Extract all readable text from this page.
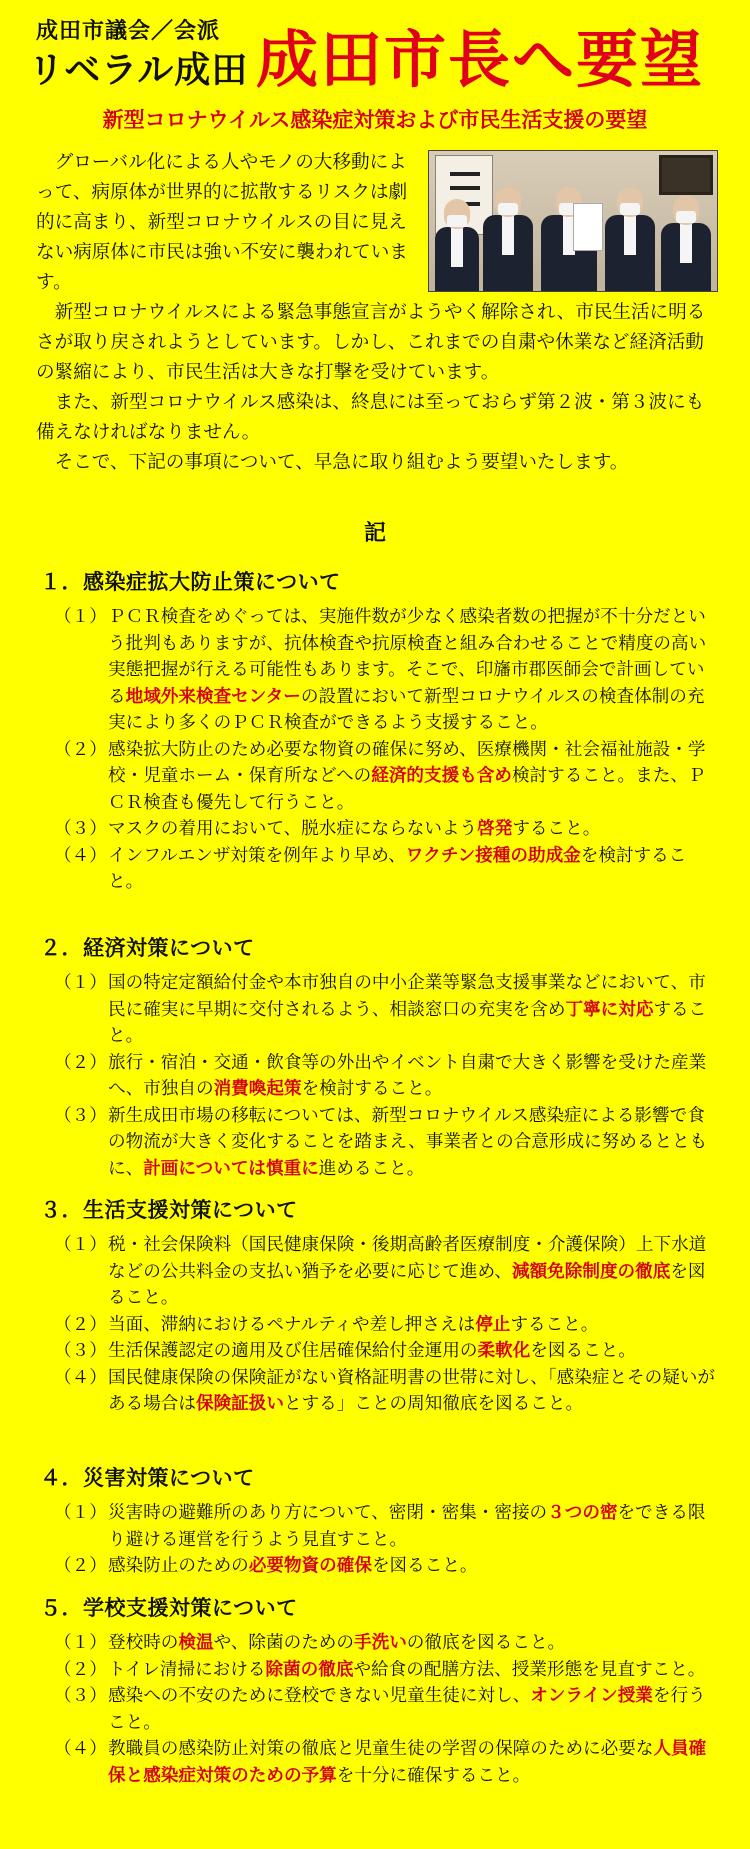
成田市議会／会派
リベラル成田 成田市長へ要望
新型コロナウイルス感染症対策および市民生活支援の要望

グローバル化による人やモノの大移動によって、病原体が世界的に拡散するリスクは劇的に高まり、新型コロナウイルスの目に見えない病原体に市民は強い不安に襲われています。

新型コロナウイルスによる緊急事態宣言がようやく解除され、市民生活に明るさが取り戻されようとしています。しかし、これまでの自粛や休業など経済活動の緊縮により、市民生活は大きな打撃を受けています。

また、新型コロナウイルス感染は、終息には至っておらず第２波・第３波にも備えなければなりません。

そこで、下記の事項について、早急に取り組むよう要望いたします。

記
１．感染症拡大防止策について
（１） ＰＣＲ検査をめぐっては、実施件数が少なく感染者数の把握が不十分だという批判もありますが、抗体検査や抗原検査と組み合わせることで精度の高い実態把握が行える可能性もあります。そこで、印旛市郡医師会で計画している地域外来検査センターの設置において新型コロナウイルスの検査体制の充実により多くのＰＣＲ検査ができるよう支援すること。
（２） 感染拡大防止のため必要な物資の確保に努め、医療機関・社会福祉施設・学校・児童ホーム・保育所などへの経済的支援も含め検討すること。また、ＰＣＲ検査も優先して行うこと。
（３） マスクの着用において、脱水症にならないよう啓発すること。
（４） インフルエンザ対策を例年より早め、ワクチン接種の助成金を検討すること。
２．経済対策について
（１） 国の特定定額給付金や本市独自の中小企業等緊急支援事業などにおいて、市民に確実に早期に交付されるよう、相談窓口の充実を含め丁寧に対応すること。
（２） 旅行・宿泊・交通・飲食等の外出やイベント自粛で大きく影響を受けた産業へ、市独自の消費喚起策を検討すること。
（３） 新生成田市場の移転については、新型コロナウイルス感染症による影響で食の物流が大きく変化することを踏まえ、事業者との合意形成に努めるとともに、計画については慎重に進めること。
３．生活支援対策について
（１） 税・社会保険料（国民健康保険・後期高齢者医療制度・介護保険）上下水道などの公共料金の支払い猶予を必要に応じて進め、減額免除制度の徹底を図ること。
（２） 当面、滞納におけるペナルティや差し押さえは停止すること。
（３） 生活保護認定の適用及び住居確保給付金運用の柔軟化を図ること。
（４） 国民健康保険の保険証がない資格証明書の世帯に対し、「感染症とその疑いがある場合は保険証扱いとする」ことの周知徹底を図ること。
４．災害対策について
（１） 災害時の避難所のあり方について、密閉・密集・密接の３つの密をできる限り避ける運営を行うよう見直すこと。
（２） 感染防止のための必要物資の確保を図ること。
５．学校支援対策について
（１） 登校時の検温や、除菌のための手洗いの徹底を図ること。
（２） トイレ清掃における除菌の徹底や給食の配膳方法、授業形態を見直すこと。
（３） 感染への不安のために登校できない児童生徒に対し、オンライン授業を行うこと。
（４） 教職員の感染防止対策の徹底と児童生徒の学習の保障のために必要な人員確保と感染症対策のための予算を十分に確保すること。
